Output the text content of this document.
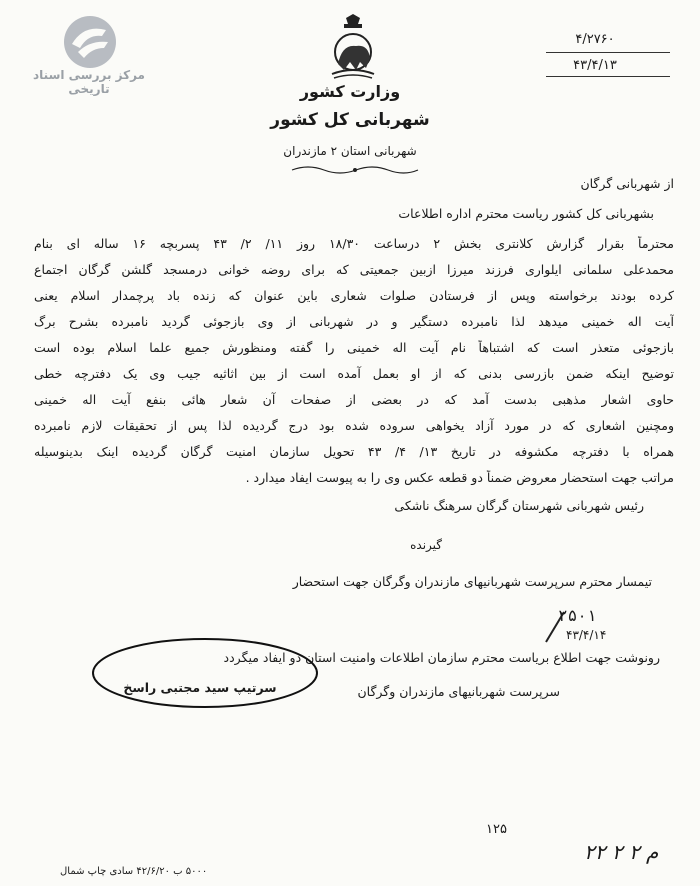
مرکز بررسی اسناد تاریخی	وزارت کشور
شهربانی کل کشور
شهربانی استان ۲ مازندران
۴/۲۷۶۰
۴۳/۴/۱۳
از شهربانی گرگان
بشهربانی کل کشور ریاست محترم اداره اطلاعات
محترماً بقرار گزارش کلانتری بخش ۲ درساعت ۱۸/۳۰ روز ۱۱/ ۲/ ۴۳ پسربچه ۱۶ ساله ای بنام
محمدعلی سلمانی ایلواری فرزند میرزا ازبین جمعیتی که برای روضه خوانی درمسجد گلشن گرگان اجتماع
کرده بودند برخواسته وپس از فرستادن صلوات شعاری باین عنوان که زنده باد پرچمدار اسلام یعنی
آیت اله خمینی میدهد لذا نامبرده دستگیر و در شهربانی از وی بازجوئی گردید نامبرده بشرح برگ
بازجوئی متعذر است که اشتباهاً نام آیت اله خمینی را گفته ومنظورش جمیع علما اسلام بوده است
توضیح اینکه ضمن بازرسی بدنی که از او بعمل آمده است از بین اثاثیه جیب وی یک دفترچه خطی
حاوی اشعار مذهبی بدست آمد که در بعضی از صفحات آن شعار هائی بنفع آیت اله خمینی
ومچنین اشعاری که در مورد آزاد یخواهی سروده شده بود درج گردیده لذا پس از تحقیقات لازم نامبرده
همراه با دفترچه مکشوفه در تاریخ ۱۳/ ۴/ ۴۳ تحویل سازمان امنیت گرگان گردیده اینک بدینوسیله
مراتب جهت استحضار معروض ضمناً دو قطعه عکس وی را به پیوست ایفاد میدارد .
رئیس شهربانی شهرستان گرگان سرهنگ ناشکی
گیرنده
تیمسار محترم سرپرست شهربانیهای مازندران وگرگان جهت استحضار
۲۵۰۱
۴۳/۴/۱۴
رونوشت جهت اطلاع بریاست محترم سازمان اطلاعات وامنیت استان دو ایفاد میگردد
سرپرست شهربانیهای مازندران وگرگان
سرتیپ سید مجتبی راسخ
۱۲۵
۲۲ م ۲ ۲
۵۰۰۰ ب ۴۲/۶/۲۰ سادی چاپ شمال
